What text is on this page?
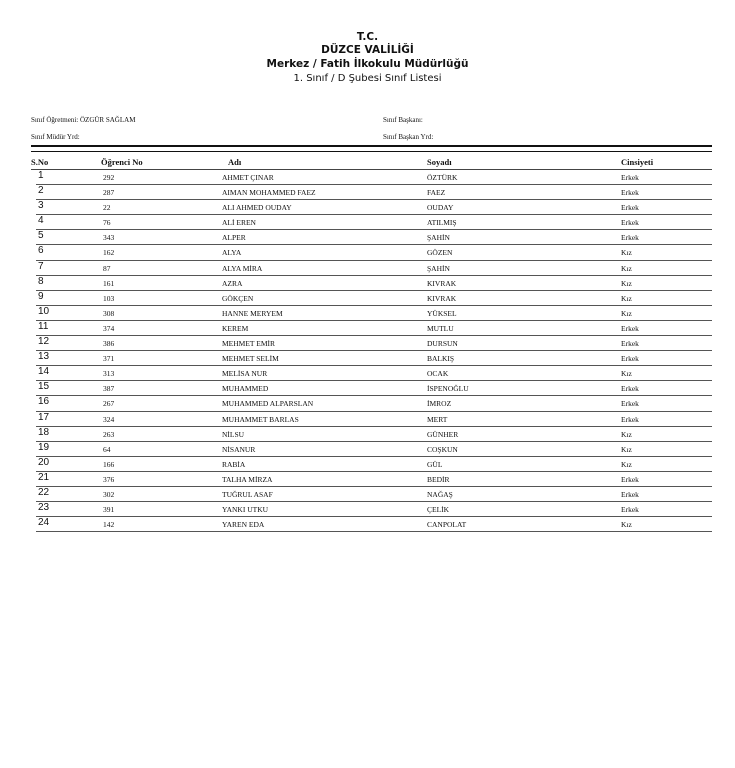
T.C.
DÜZCE VALİLİĞİ
Merkez / Fatih İlkokulu Müdürlüğü
1. Sınıf / D Şubesi Sınıf Listesi
Sınıf Öğretmeni: ÖZGÜR SAĞLAM	Sınıf Başkanı:
Sınıf Müdür Yrd:	Sınıf Başkan Yrd:
S.No	Öğrenci No	Adı	Soyadı	Cinsiyeti
1	292	AHMET ÇINAR	ÖZTÜRK	Erkek
2	287	AIMAN MOHAMMED FAEZ	FAEZ	Erkek
3	22	ALI AHMED OUDAY	OUDAY	Erkek
4	76	ALİ EREN	ATILMIŞ	Erkek
5	343	ALPER	ŞAHİN	Erkek
6	162	ALYA	GÖZEN	Kız
7	87	ALYA MİRA	ŞAHİN	Kız
8	161	AZRA	KIVRAK	Kız
9	103	GÖKÇEN	KIVRAK	Kız
10	308	HANNE MERYEM	YÜKSEL	Kız
11	374	KEREM	MUTLU	Erkek
12	386	MEHMET EMİR	DURSUN	Erkek
13	371	MEHMET SELİM	BALKIŞ	Erkek
14	313	MELİSA NUR	OCAK	Kız
15	387	MUHAMMED	İSPENOĞLU	Erkek
16	267	MUHAMMED ALPARSLAN	İMROZ	Erkek
17	324	MUHAMMET BARLAS	MERT	Erkek
18	263	NİLSU	GÜNHER	Kız
19	64	NİSANUR	COŞKUN	Kız
20	166	RABİA	GÜL	Kız
21	376	TALHA MİRZA	BEDİR	Erkek
22	302	TUĞRUL ASAF	NAĞAŞ	Erkek
23	391	YANKI UTKU	ÇELİK	Erkek
24	142	YAREN EDA	CANPOLAT	Kız
